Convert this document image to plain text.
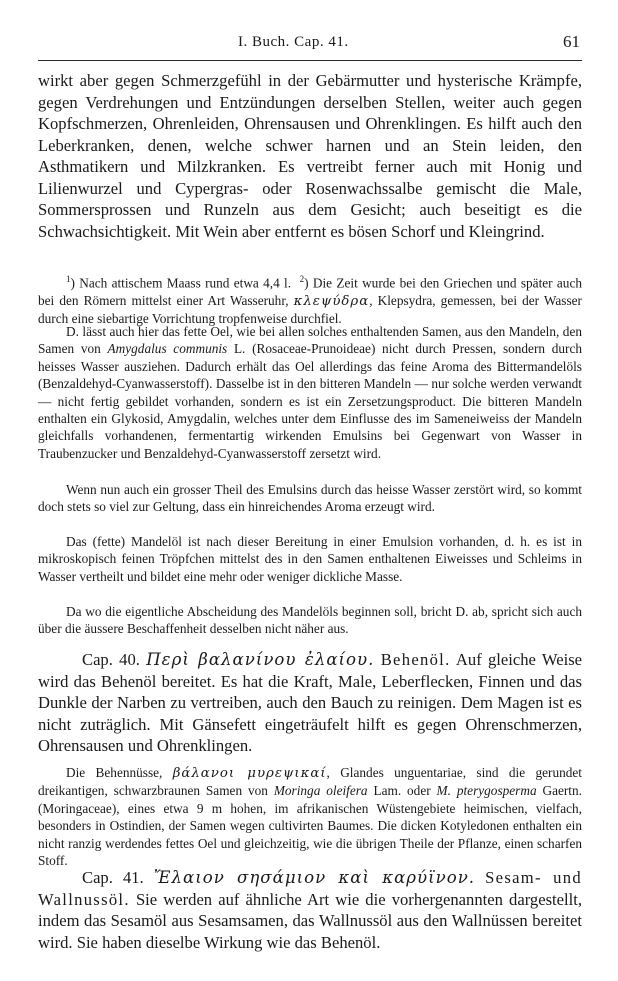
I. Buch. Cap. 41.	61

wirkt aber gegen Schmerzgefühl in der Gebärmutter und hysterische Krämpfe, gegen Verdrehungen und Entzündungen derselben Stellen, weiter auch gegen Kopfschmerzen, Ohrenleiden, Ohrensausen und Ohrenklingen. Es hilft auch den Leberkranken, denen, welche schwer harnen und an Stein leiden, den Asthmatikern und Milzkranken. Es vertreibt ferner auch mit Honig und Lilienwurzel und Cypergras- oder Rosenwachssalbe gemischt die Male, Sommersprossen und Runzeln aus dem Gesicht; auch beseitigt es die Schwachsichtigkeit. Mit Wein aber entfernt es bösen Schorf und Kleingrind.

$^1$) Nach attischem Maass rund etwa 4,4 l. $^2$) Die Zeit wurde bei den Griechen und später auch bei den Römern mittelst einer Art Wasseruhr, κλεψύδρα, Klepsydra, gemessen, bei der Wasser durch eine siebartige Vorrichtung tropfenweise durchfiel.

D. lässt auch hier das fette Oel, wie bei allen solches enthaltenden Samen, aus den Mandeln, den Samen von Amygdalus communis L. (Rosaceae-Prunoideae) nicht durch Pressen, sondern durch heisses Wasser ausziehen. Dadurch erhält das Oel allerdings das feine Aroma des Bittermandelöls (Benzaldehyd-Cyanwasserstoff). Dasselbe ist in den bitteren Mandeln — nur solche werden verwandt — nicht fertig gebildet vorhanden, sondern es ist ein Zersetzungsproduct. Die bitteren Mandeln enthalten ein Glykosid, Amygdalin, welches unter dem Einflusse des im Sameneiweiss der Mandeln gleichfalls vorhandenen, fermentartig wirkenden Emulsins bei Gegenwart von Wasser in Traubenzucker und Benzaldehyd-Cyanwasserstoff zersetzt wird.

Wenn nun auch ein grosser Theil des Emulsins durch das heisse Wasser zerstört wird, so kommt doch stets so viel zur Geltung, dass ein hinreichendes Aroma erzeugt wird.

Das (fette) Mandelöl ist nach dieser Bereitung in einer Emulsion vorhanden, d. h. es ist in mikroskopisch feinen Tröpfchen mittelst des in den Samen enthaltenen Eiweisses und Schleims in Wasser vertheilt und bildet eine mehr oder weniger dickliche Masse.

Da wo die eigentliche Abscheidung des Mandelöls beginnen soll, bricht D. ab, spricht sich auch über die äussere Beschaffenheit desselben nicht näher aus.

Cap. 40. Περὶ βαλανίνου ἐλαίου. Behenöl. Auf gleiche Weise wird das Behenöl bereitet. Es hat die Kraft, Male, Leberflecken, Finnen und das Dunkle der Narben zu vertreiben, auch den Bauch zu reinigen. Dem Magen ist es nicht zuträglich. Mit Gänsefett eingeträufelt hilft es gegen Ohrenschmerzen, Ohrensausen und Ohrenklingen.

Die Behennüsse, βάλανοι μυρεψικαί, Glandes unguentariae, sind die gerundet dreikantigen, schwarzbraunen Samen von Moringa oleifera Lam. oder M. pterygosperma Gaertn. (Moringaceae), eines etwa 9 m hohen, im afrikanischen Wüstengebiete heimischen, vielfach, besonders in Ostindien, der Samen wegen cultivirten Baumes. Die dicken Kotyledonen enthalten ein nicht ranzig werdendes fettes Oel und gleichzeitig, wie die übrigen Theile der Pflanze, einen scharfen Stoff.

Cap. 41. Ἔλαιον σησάμιον καὶ καρύϊνον. Sesam- und Wallnussöl. Sie werden auf ähnliche Art wie die vorhergenannten dargestellt, indem das Sesamöl aus Sesamsamen, das Wallnussöl aus den Wallnüssen bereitet wird. Sie haben dieselbe Wirkung wie das Behenöl.
